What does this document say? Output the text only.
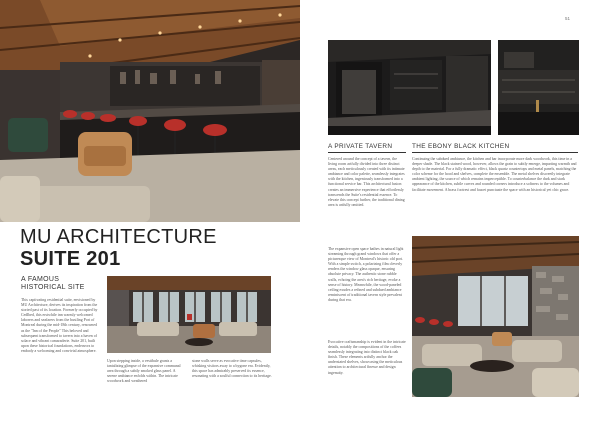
MU ARCHITECTURE
SUITE 201
A FAMOUS
HISTORICAL SITE

This captivating residential suite, envisioned by MU Architecture, derives its inspiration from the storied past of its location. Formerly occupied by Cedlbed, this erstwhile inn warmly welcomed laborers and seafarers from the bustling Port of Montreal during the mid-18th century, renowned as the "Inn of the People" This beloved and subsequent transformed to tavern into a haven of solace and vibrant camaraderie. Suite 201, built upon these historical foundations, endeavors to embody a welcoming and convivial atmosphere.

Upon stepping inside, a vestibule grants a tantalizing glimpse of the expansive communal area through a subtly smoked glass panel. A serene ambiance enfolds within. The intricate woodwork and weathered

stone walls serve as evocative time capsules, whisking visitors away to a bygone era. Evidently, this space has admirably preserved its essence, resonating with a soulful connection to its heritage.

51
A PRIVATE TAVERN

Centered around the concept of a tavern, the living room artfully divided into three distinct areas, each meticulously created with its intimate ambiance and color palette, seamlessly integrates with the kitchen, ingeniously transformed into a functional service bar. This architectural fusion creates an immersive experience that effortlessly transcends the Suite's residential essence. To elevate this concept further, the traditional dining area is artfully omitted.

The expansive open space bathes in natural light streaming through grand windows that offer a picturesque view of Montreal's historic old port. With a simple switch, a polarizing film cleverly renders the window glass opaque, ensuring absolute privacy. The authentic stone rubble walls, echoing the area's rich heritage, evoke a sense of history. Meanwhile, the wood-paneled ceiling exudes a refined and subdued ambiance reminiscent of traditional tavern style prevalent during that era.

Evocative craftsmanship is evident in the intricate details, notably the compositions of the coffees seamlessly integrating into distinct black oak finish. These elements artfully anchor the understated shelves, showcasing the meticulous attention to architectural finesse and design ingenuity.

THE EBONY BLACK KITCHEN

Continuing the subdued ambiance, the kitchen and bar incorporate more dark woodwork, this time in a deeper shade. The black stained wood, however, allows the grain to subtly emerge, imparting warmth and depth to the material. For a fully dramatic effect, black quartz countertops and metal panels, matching the color scheme for the hood and shelves, complete the ensemble. The metal shelves discreetly integrate ambient lighting, the source of which remains imperceptible. To counterbalance the dark and stark appearance of the kitchen, subtle curves and rounded corners introduce a softness to the volumes and facilitate movement. A brass footrest and faucet punctuate the space with an historical yet chic grace.
